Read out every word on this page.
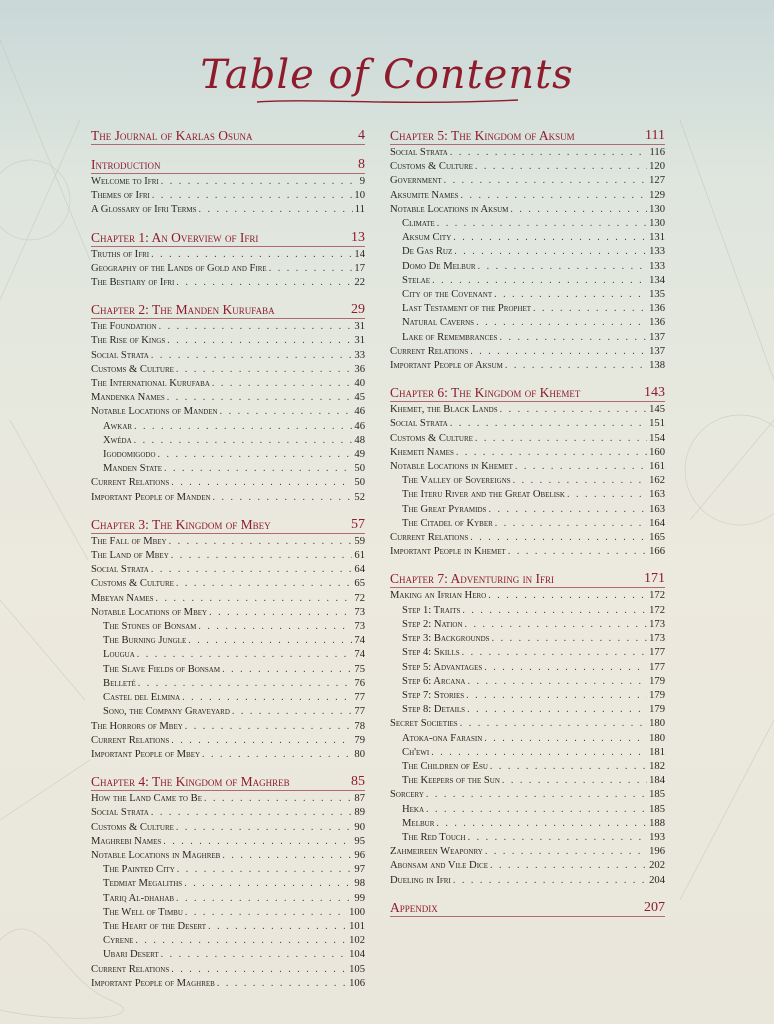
Table of Contents
The Journal of Karlas Osuna	4
Introduction	8
Welcome to Ifri . . .	9
Themes of Ifri . . .	10
A Glossary of Ifri Terms . . .	11
Chapter 1: An Overview of Ifri	13
Truths of Ifri . . .	14
Geography of the Lands of Gold and Fire . . .	17
The Bestiary of Ifri . . .	22
Chapter 2: The Manden Kurufaba	29
The Foundation . . .	31
The Rise of Kings . . .	31
Social Strata . . .	33
Customs & Culture . . .	36
The International Kurufaba . . .	40
Mandenka Names . . .	45
Notable Locations of Manden . . .	46
Awkar . . .	46
Xwéda . . .	48
Igodomigodo . . .	49
Manden State . . .	50
Current Relations . . .	50
Important People of Manden . . .	52
Chapter 3: The Kingdom of Mbey	57
The Fall of Mbey . . .	59
The Land of Mbey . . .	61
Social Strata . . .	64
Customs & Culture . . .	65
Mbeyan Names . . .	72
Notable Locations of Mbey . . .	73
The Stones of Bonsam . . .	73
The Burning Jungle . . .	74
Lougua . . .	74
The Slave Fields of Bonsam . . .	75
Belleté . . .	76
Castel del Elmina . . .	77
Sono, the Company Graveyard . . .	77
The Horrors of Mbey . . .	78
Current Relations . . .	79
Important People of Mbey . . .	80
Chapter 4: The Kingdom of Maghreb	85
How the Land Came to Be . . .	87
Social Strata . . .	89
Customs & Culture . . .	90
Maghrebi Names . . .	95
Notable Locations in Maghreb . . .	96
The Painted City . . .	97
Tedmiat Megaliths . . .	98
Tariq Al-dhahab . . .	99
The Well of Timbu . . .	100
The Heart of the Desert . . .	101
Cyrene . . .	102
Ubari Desert . . .	104
Current Relations . . .	105
Important People of Maghreb . . .	106
Chapter 5: The Kingdom of Aksum	111
Social Strata . . .	116
Customs & Culture . . .	120
Government . . .	127
Aksumite Names . . .	129
Notable Locations in Aksum . . .	130
Climate . . .	130
Aksum City . . .	131
De Gas Ruz . . .	133
Domo De Melbur . . .	133
Stelae . . .	134
City of the Covenant . . .	135
Last Testament of the Prophet . . .	136
Natural Caverns . . .	136
Lake of Remembrances . . .	137
Current Relations . . .	137
Important People of Aksum . . .	138
Chapter 6: The Kingdom of Khemet	143
Khemet, the Black Lands . . .	145
Social Strata . . .	151
Customs & Culture . . .	154
Khemeti Names . . .	160
Notable Locations in Khemet . . .	161
The Valley of Sovereigns . . .	162
The Iteru River and the Great Obelisk . . .	163
The Great Pyramids . . .	163
The Citadel of Kyber . . .	164
Current Relations . . .	165
Important People in Khemet . . .	166
Chapter 7: Adventuring in Ifri	171
Making an Ifrian Hero . . .	172
Step 1: Traits . . .	172
Step 2: Nation . . .	173
Step 3: Backgrounds . . .	173
Step 4: Skills . . .	177
Step 5: Advantages . . .	177
Step 6: Arcana . . .	179
Step 7: Stories . . .	179
Step 8: Details . . .	179
Secret Societies . . .	180
Atoka-ona Farasin . . .	180
Ch'ewi . . .	181
The Children of Esu . . .	182
The Keepers of the Sun . . .	184
Sorcery . . .	185
Heka . . .	185
Melbur . . .	188
The Red Touch . . .	193
Zahmeireen Weaponry . . .	196
Abonsam and Vile Dice . . .	202
Dueling in Ifri . . .	204
Appendix	207
